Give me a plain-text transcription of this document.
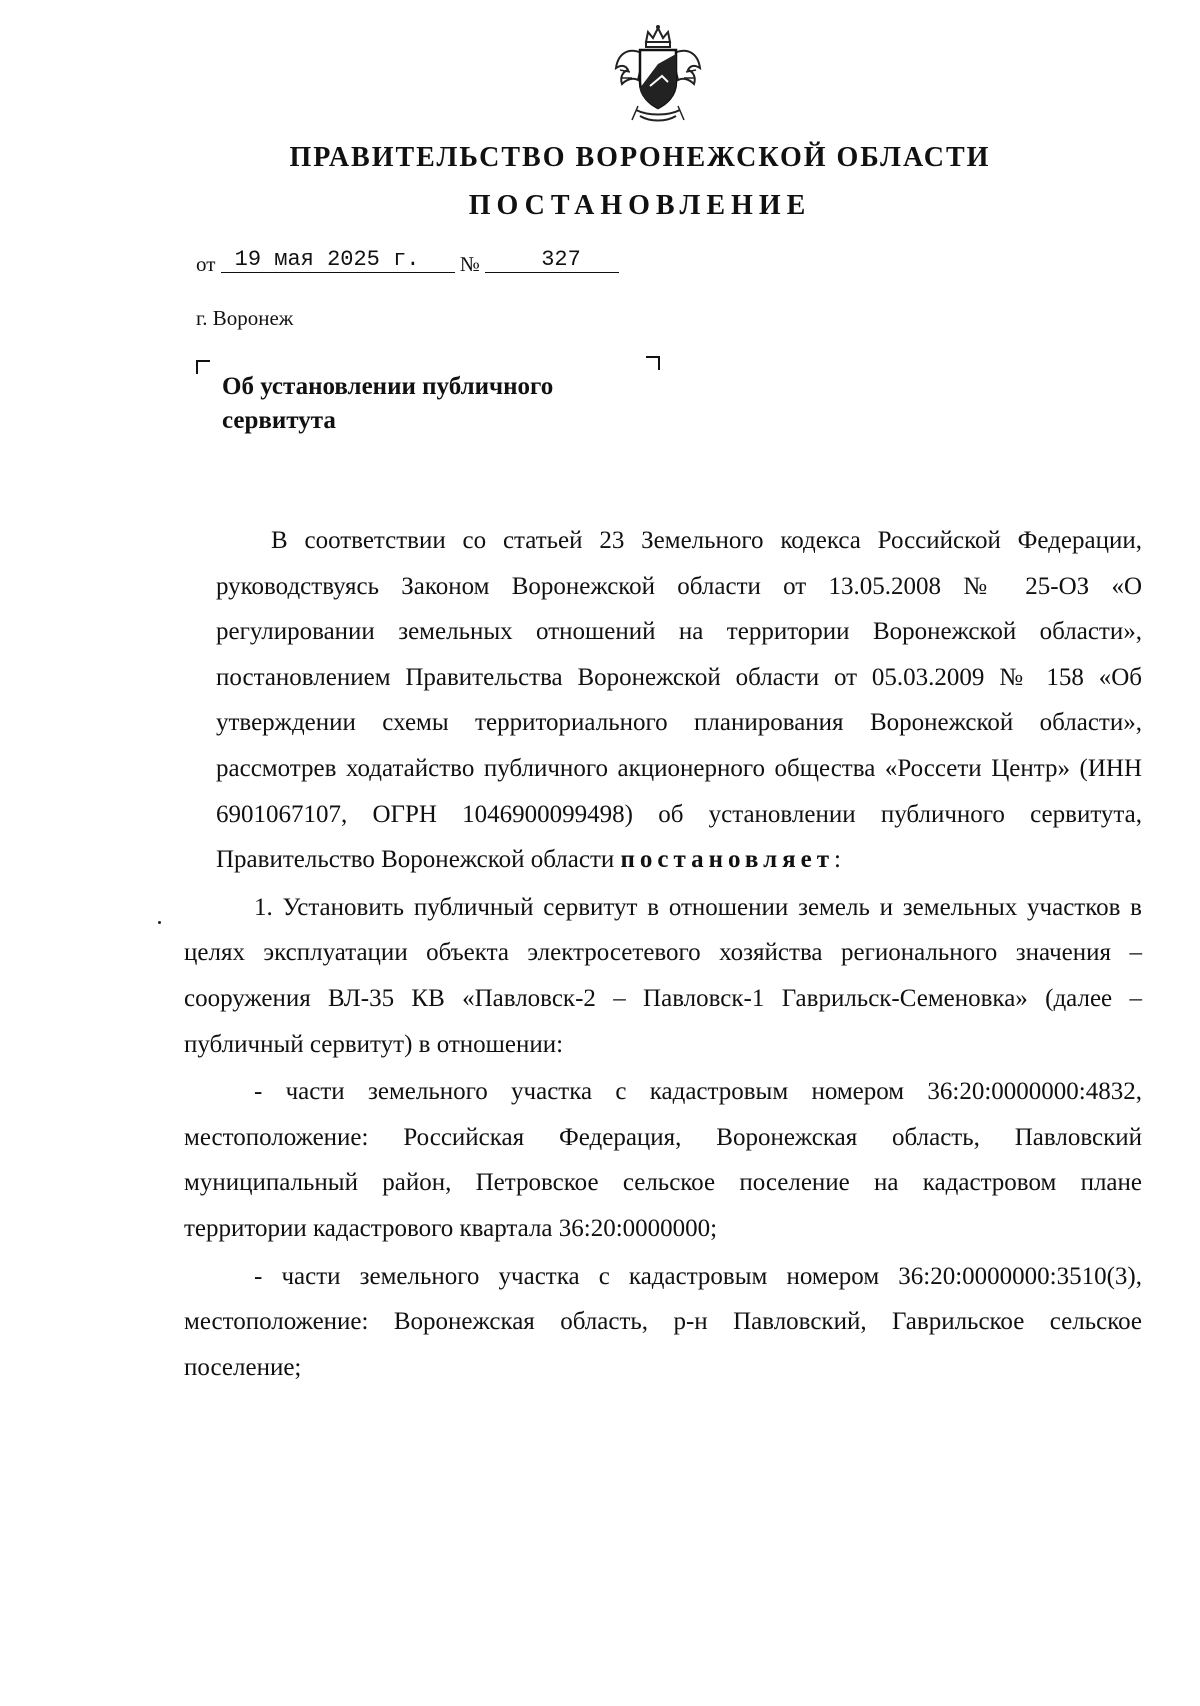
ПРАВИТЕЛЬСТВО ВОРОНЕЖСКОЙ ОБЛАСТИ
ПОСТАНОВЛЕНИЕ
от 19 мая 2025 г. №	327
г. Воронеж
Об установлении публичного
сервитута

В соответствии со статьей 23 Земельного кодекса Российской Федерации, руководствуясь Законом Воронежской области от 13.05.2008 № 25-ОЗ «О регулировании земельных отношений на территории Воронежской области», постановлением Правительства Воронежской области от 05.03.2009 № 158 «Об утверждении схемы территориального планирования Воронежской области», рассмотрев ходатайство публичного акционерного общества «Россети Центр» (ИНН 6901067107, ОГРН 1046900099498) об установлении публичного сервитута, Правительство Воронежской области постановляет:

1. Установить публичный сервитут в отношении земель и земельных участков в целях эксплуатации объекта электросетевого хозяйства регионального значения – сооружения ВЛ-35 КВ «Павловск-2 – Павловск-1 Гаврильск-Семеновка» (далее – публичный сервитут) в отношении:

- части земельного участка с кадастровым номером 36:20:0000000:4832, местоположение: Российская Федерация, Воронежская область, Павловский муниципальный район, Петровское сельское поселение на кадастровом плане территории кадастрового квартала 36:20:0000000;

- части земельного участка с кадастровым номером 36:20:0000000:3510(3), местоположение: Воронежская область, р-н Павловский, Гаврильское сельское поселение;
